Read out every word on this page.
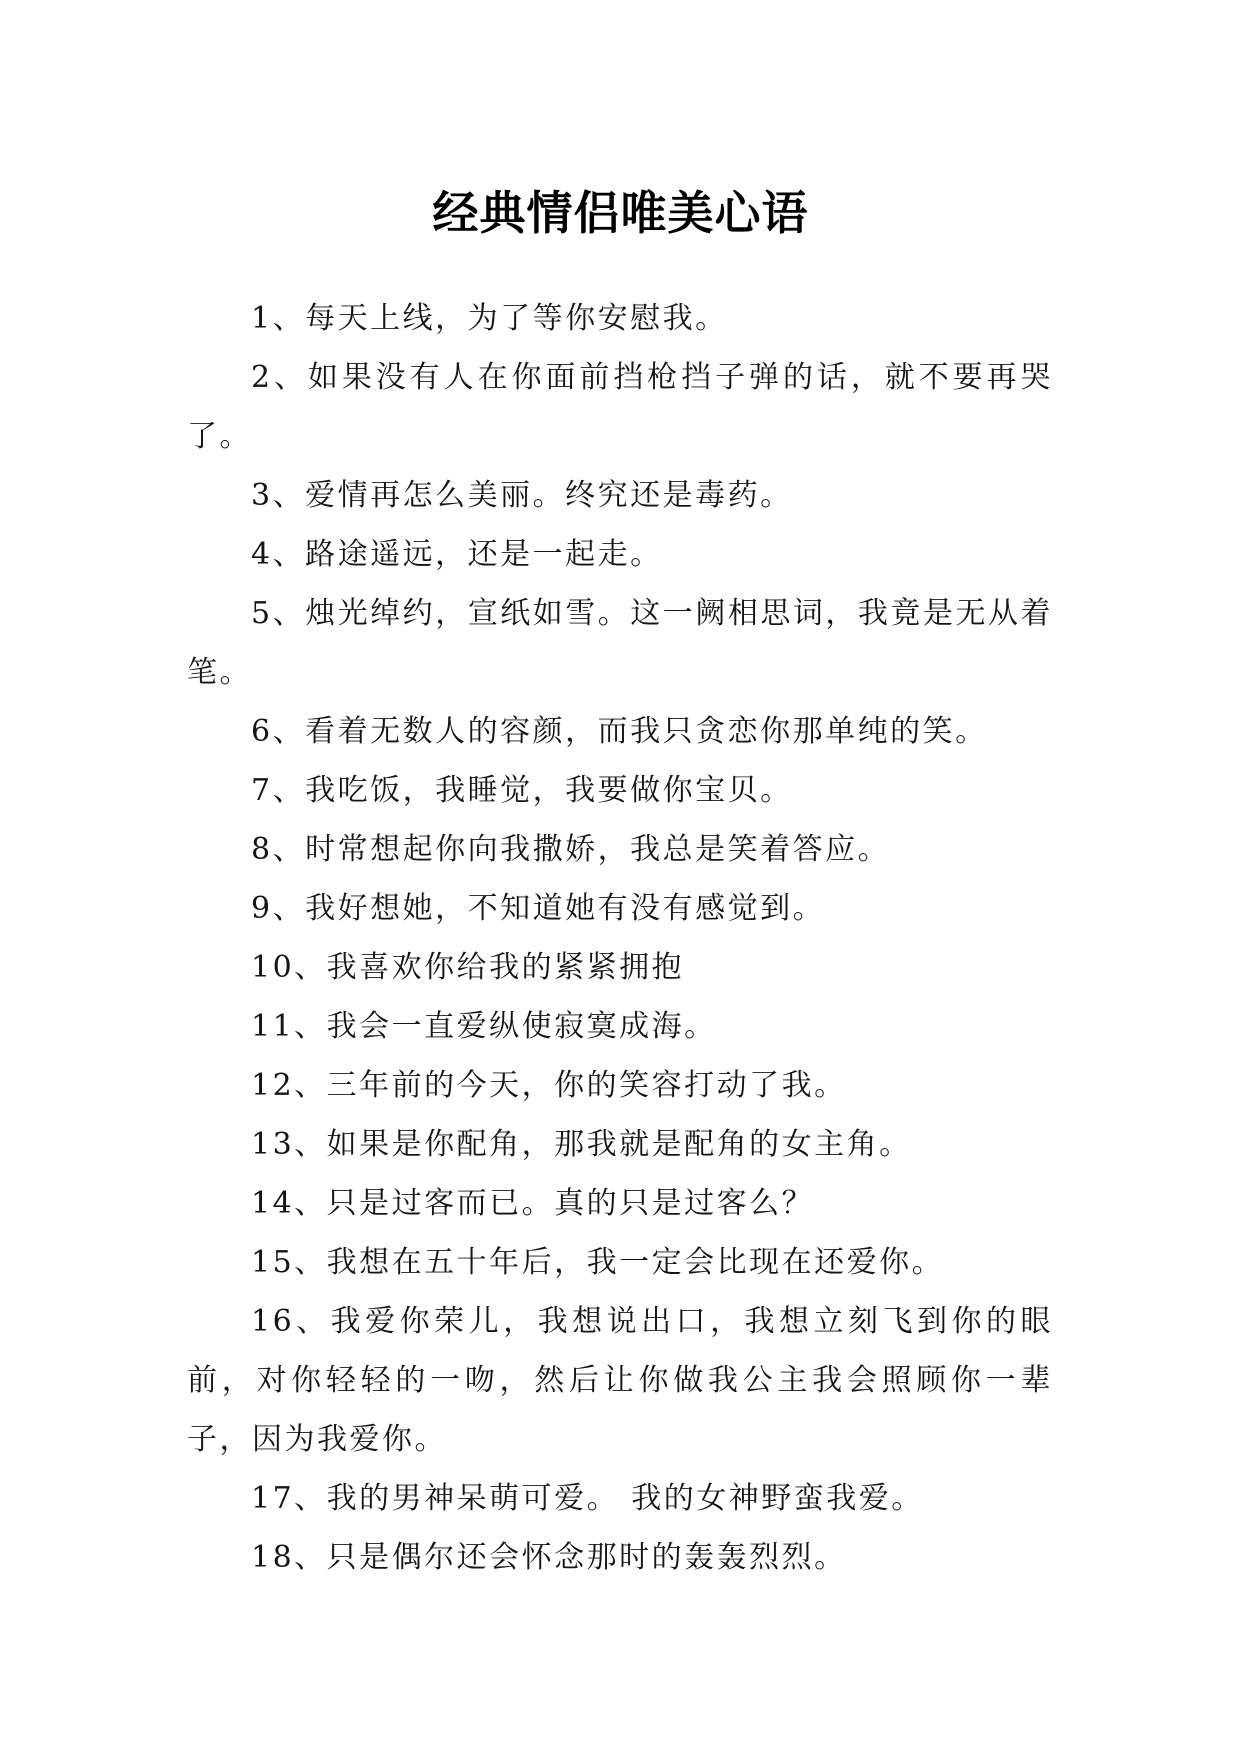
经典情侣唯美心语

1、每天上线，为了等你安慰我。

2、如果没有人在你面前挡枪挡子弹的话，就不要再哭了。

3、爱情再怎么美丽。终究还是毒药。

4、路途遥远，还是一起走。

5、烛光绰约，宣纸如雪。这一阙相思词，我竟是无从着笔。

6、看着无数人的容颜，而我只贪恋你那单纯的笑。

7、我吃饭，我睡觉，我要做你宝贝。

8、时常想起你向我撒娇，我总是笑着答应。

9、我好想她，不知道她有没有感觉到。

10、我喜欢你给我的紧紧拥抱

11、我会一直爱纵使寂寞成海。

12、三年前的今天，你的笑容打动了我。

13、如果是你配角，那我就是配角的女主角。

14、只是过客而已。真的只是过客么？

15、我想在五十年后，我一定会比现在还爱你。

16、我爱你荣儿，我想说出口，我想立刻飞到你的眼前，对你轻轻的一吻，然后让你做我公主我会照顾你一辈子，因为我爱你。

17、我的男神呆萌可爱。 我的女神野蛮我爱。

18、只是偶尔还会怀念那时的轰轰烈烈。
